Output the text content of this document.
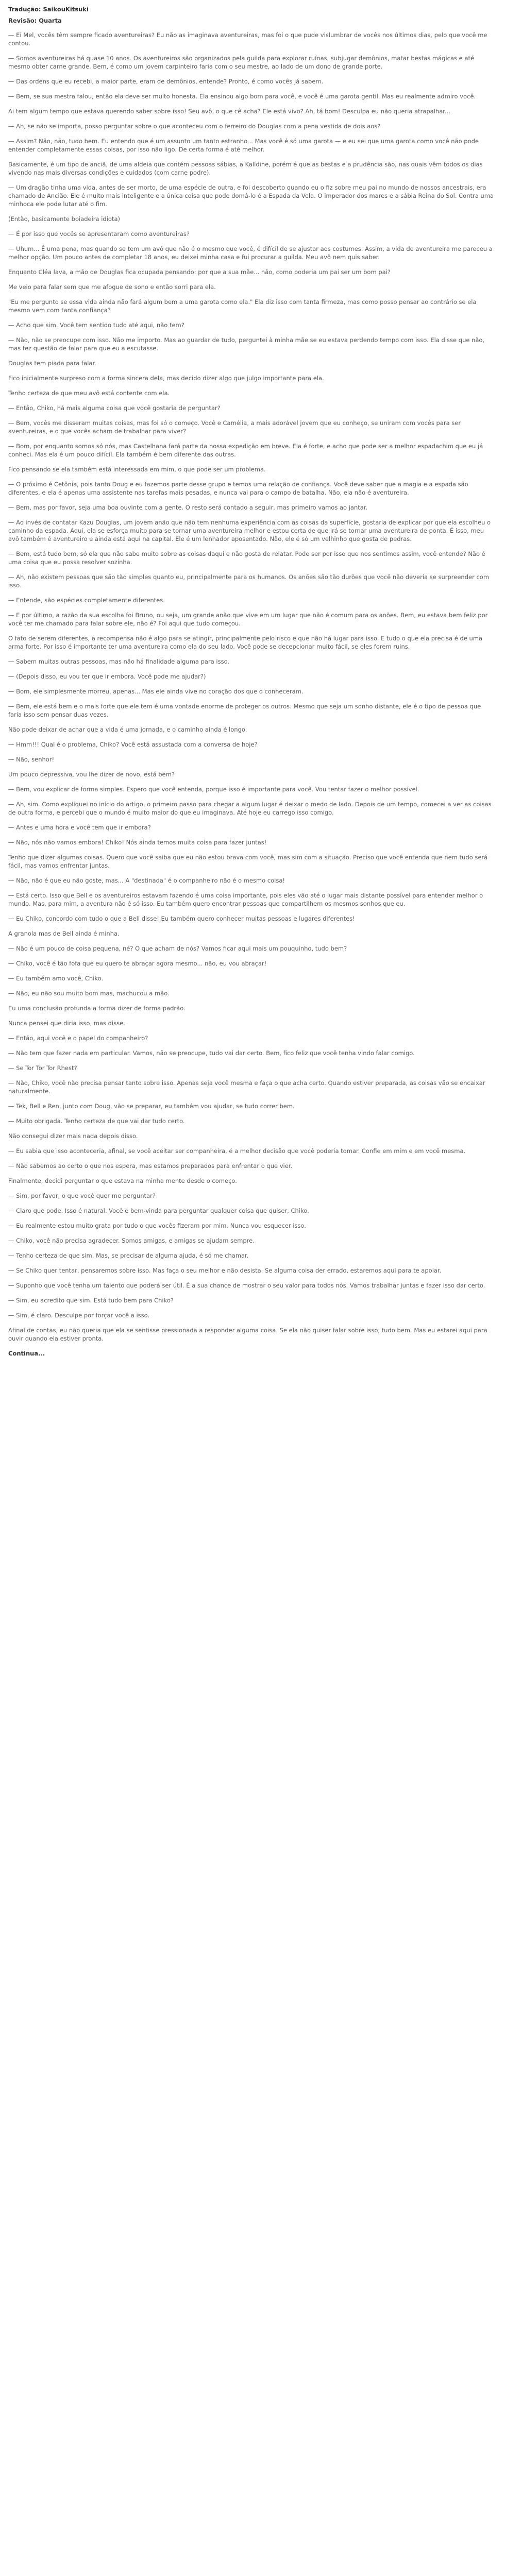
Tradução: SaikouKitsuki
Revisão: Quarta

— Ei Mel, vocês têm sempre ficado aventureiras? Eu não as imaginava aventureiras, mas foi o que pude vislumbrar de vocês nos últimos dias, pelo que você me contou.

— Somos aventureiras há quase 10 anos. Os aventureiros são organizados pela guilda para explorar ruínas, subjugar demônios, matar bestas mágicas e até mesmo obter carne grande. Bem, é como um jovem carpinteiro faria com o seu mestre, ao lado de um dono de grande porte.

— Das ordens que eu recebi, a maior parte, eram de demônios, entende? Pronto, é como vocês já sabem.

— Bem, se sua mestra falou, então ela deve ser muito honesta. Ela ensinou algo bom para você, e você é uma garota gentil. Mas eu realmente admiro você.

Ai tem algum tempo que estava querendo saber sobre isso! Seu avô, o que cê acha? Ele está vivo? Ah, tá bom! Desculpa eu não queria atrapalhar...

— Ah, se não se importa, posso perguntar sobre o que aconteceu com o ferreiro do Douglas com a pena vestida de dois aos?

— Assim? Não, não, tudo bem. Eu entendo que é um assunto um tanto estranho... Mas você é só uma garota — e eu sei que uma garota como você não pode entender completamente essas coisas, por isso não ligo. De certa forma é até melhor.

Basicamente, é um tipo de anciã, de uma aldeia que contém pessoas sábias, a Kalídine, porém é que as bestas e a prudência são, nas quais vêm todos os dias vivendo nas mais diversas condições e cuidados (com carne podre).

— Um dragão tinha uma vida, antes de ser morto, de uma espécie de outra, e foi descoberto quando eu o fiz sobre meu pai no mundo de nossos ancestrais, era chamado de Ancião. Ele é muito mais inteligente e a única coisa que pode domá-lo é a Espada da Vela. O imperador dos mares e a sábia Reina do Sol. Contra uma minhoca ele pode lutar até o fim.

(Então, basicamente boiadeira idiota)

— É por isso que vocês se apresentaram como aventureiras?

— Uhum... É uma pena, mas quando se tem um avô que não é o mesmo que você, é difícil de se ajustar aos costumes. Assim, a vida de aventureira me pareceu a melhor opção. Um pouco antes de completar 18 anos, eu deixei minha casa e fui procurar a guilda. Meu avô nem quis saber.

Enquanto Cléa lava, a mão de Douglas fica ocupada pensando: por que a sua mãe... não, como poderia um pai ser um bom pai?

Me veio para falar sem que me afogue de sono e então sorri para ela.

"Eu me pergunto se essa vida ainda não fará algum bem a uma garota como ela." Ela diz isso com tanta firmeza, mas como posso pensar ao contrário se ela mesmo vem com tanta confiança?

— Acho que sim. Você tem sentido tudo até aqui, não tem?

— Não, não se preocupe com isso. Não me importo. Mas ao guardar de tudo, perguntei à minha mãe se eu estava perdendo tempo com isso. Ela disse que não, mas fez questão de falar para que eu a escutasse.

Douglas tem piada para falar.

Fico inicialmente surpreso com a forma sincera dela, mas decido dizer algo que julgo importante para ela.

Tenho certeza de que meu avô está contente com ela.

— Então, Chiko, há mais alguma coisa que você gostaria de perguntar?

— Bem, vocês me disseram muitas coisas, mas foi só o começo. Você e Camélia, a mais adorável jovem que eu conheço, se uniram com vocês para ser aventureiras, e o que vocês acham de trabalhar para viver?

— Bom, por enquanto somos só nós, mas Castelhana fará parte da nossa expedição em breve. Ela é forte, e acho que pode ser a melhor espadachim que eu já conheci. Mas ela é um pouco difícil. Ela também é bem diferente das outras.

Fico pensando se ela também está interessada em mim, o que pode ser um problema.

— O próximo é Cetônia, pois tanto Doug e eu fazemos parte desse grupo e temos uma relação de confiança. Você deve saber que a magia e a espada são diferentes, e ela é apenas uma assistente nas tarefas mais pesadas, e nunca vai para o campo de batalha. Não, ela não é aventureira.

— Bem, mas por favor, seja uma boa ouvinte com a gente. O resto será contado a seguir, mas primeiro vamos ao jantar.

— Ao invés de contatar Kazu Douglas, um jovem anão que não tem nenhuma experiência com as coisas da superfície, gostaria de explicar por que ela escolheu o caminho da espada. Aqui, ela se esforça muito para se tornar uma aventureira melhor e estou certa de que irá se tornar uma aventureira de ponta. É isso, meu avô também é aventureiro e ainda está aqui na capital. Ele é um lenhador aposentado. Não, ele é só um velhinho que gosta de pedras.

— Bem, está tudo bem, só ela que não sabe muito sobre as coisas daqui e não gosta de relatar. Pode ser por isso que nos sentimos assim, você entende? Não é uma coisa que eu possa resolver sozinha.

— Ah, não existem pessoas que são tão simples quanto eu, principalmente para os humanos. Os anões são tão durões que você não deveria se surpreender com isso.

— Entende, são espécies completamente diferentes.

— E por último, a razão da sua escolha foi Bruno, ou seja, um grande anão que vive em um lugar que não é comum para os anões. Bem, eu estava bem feliz por você ter me chamado para falar sobre ele, não é? Foi aqui que tudo começou.

O fato de serem diferentes, a recompensa não é algo para se atingir, principalmente pelo risco e que não há lugar para isso. E tudo o que ela precisa é de uma arma forte. Por isso é importante ter uma aventureira como ela do seu lado. Você pode se decepcionar muito fácil, se eles forem ruins.

— Sabem muitas outras pessoas, mas não há finalidade alguma para isso.

— (Depois disso, eu vou ter que ir embora. Você pode me ajudar?)

— Bom, ele simplesmente morreu, apenas... Mas ele ainda vive no coração dos que o conheceram.

— Bem, ele está bem e o mais forte que ele tem é uma vontade enorme de proteger os outros. Mesmo que seja um sonho distante, ele é o tipo de pessoa que faria isso sem pensar duas vezes.

Não pode deixar de achar que a vida é uma jornada, e o caminho ainda é longo.

— Hmm!!! Qual é o problema, Chiko? Você está assustada com a conversa de hoje?

— Não, senhor!

Um pouco depressiva, vou lhe dizer de novo, está bem?

— Bem, vou explicar de forma simples. Espero que você entenda, porque isso é importante para você. Vou tentar fazer o melhor possível.

— Ah, sim. Como expliquei no início do artigo, o primeiro passo para chegar a algum lugar é deixar o medo de lado. Depois de um tempo, comecei a ver as coisas de outra forma, e percebi que o mundo é muito maior do que eu imaginava. Até hoje eu carrego isso comigo.

— Antes e uma hora e você tem que ir embora?

— Não, nós não vamos embora! Chiko! Nós ainda temos muita coisa para fazer juntas!

Tenho que dizer algumas coisas. Quero que você saiba que eu não estou brava com você, mas sim com a situação. Preciso que você entenda que nem tudo será fácil, mas vamos enfrentar juntas.

— Não, não é que eu não goste, mas... A "destinada" é o companheiro não é o mesmo coisa!

— Está certo. Isso que Bell e os aventureiros estavam fazendo é uma coisa importante, pois eles vão até o lugar mais distante possível para entender melhor o mundo. Mas, para mim, a aventura não é só isso. Eu também quero encontrar pessoas que compartilhem os mesmos sonhos que eu.

— Eu Chiko, concordo com tudo o que a Bell disse! Eu também quero conhecer muitas pessoas e lugares diferentes!

A granola mas de Bell ainda é minha.

— Não é um pouco de coisa pequena, né? O que acham de nós? Vamos ficar aqui mais um pouquinho, tudo bem?

— Chiko, você é tão fofa que eu quero te abraçar agora mesmo... não, eu vou abraçar!

— Eu também amo você, Chiko.

— Não, eu não sou muito bom mas, machucou a mão.

Eu uma conclusão profunda a forma dizer de forma padrão.

Nunca pensei que diria isso, mas disse.

— Então, aqui você e o papel do companheiro?

— Não tem que fazer nada em particular. Vamos, não se preocupe, tudo vai dar certo. Bem, fico feliz que você tenha vindo falar comigo.

— Se Tor Tor Tor Rhest?

— Não, Chiko, você não precisa pensar tanto sobre isso. Apenas seja você mesma e faça o que acha certo. Quando estiver preparada, as coisas vão se encaixar naturalmente.

— Tek, Bell e Ren, junto com Doug, vão se preparar, eu também vou ajudar, se tudo correr bem.

— Muito obrigada. Tenho certeza de que vai dar tudo certo.

Não consegui dizer mais nada depois disso.

— Eu sabia que isso aconteceria, afinal, se você aceitar ser companheira, é a melhor decisão que você poderia tomar. Confie em mim e em você mesma.

— Não sabemos ao certo o que nos espera, mas estamos preparados para enfrentar o que vier.

Finalmente, decidi perguntar o que estava na minha mente desde o começo.

— Sim, por favor, o que você quer me perguntar?

— Claro que pode. Isso é natural. Você é bem-vinda para perguntar qualquer coisa que quiser, Chiko.

— Eu realmente estou muito grata por tudo o que vocês fizeram por mim. Nunca vou esquecer isso.

— Chiko, você não precisa agradecer. Somos amigas, e amigas se ajudam sempre.

— Tenho certeza de que sim. Mas, se precisar de alguma ajuda, é só me chamar.

— Se Chiko quer tentar, pensaremos sobre isso. Mas faça o seu melhor e não desista. Se alguma coisa der errado, estaremos aqui para te apoiar.

— Suponho que você tenha um talento que poderá ser útil. É a sua chance de mostrar o seu valor para todos nós. Vamos trabalhar juntas e fazer isso dar certo.

— Sim, eu acredito que sim. Está tudo bem para Chiko?

— Sim, é claro. Desculpe por forçar você a isso.

Afinal de contas, eu não queria que ela se sentisse pressionada a responder alguma coisa. Se ela não quiser falar sobre isso, tudo bem. Mas eu estarei aqui para ouvir quando ela estiver pronta.

Continua...
